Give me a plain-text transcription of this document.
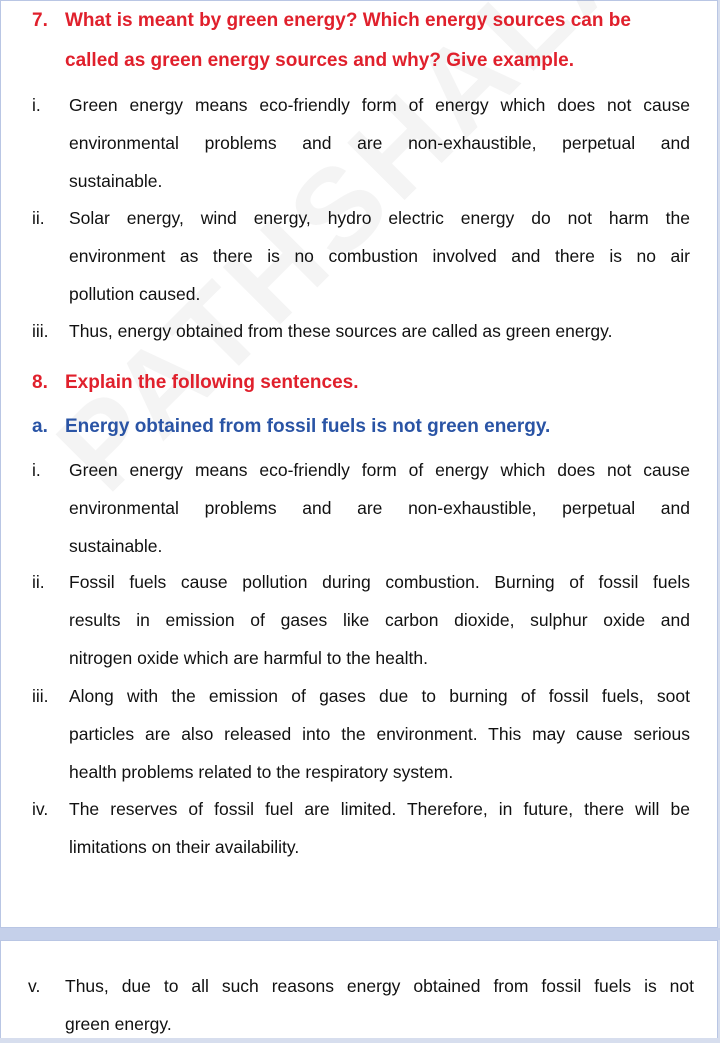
7. What is meant by green energy? Which energy sources can be
called as green energy sources and why? Give example.
i. Green energy means eco-friendly form of energy which does not cause
environmental problems and are non-exhaustible, perpetual and
sustainable.
ii. Solar energy, wind energy, hydro electric energy do not harm the
environment as there is no combustion involved and there is no air
pollution caused.
iii. Thus, energy obtained from these sources are called as green energy.
8. Explain the following sentences.
a. Energy obtained from fossil fuels is not green energy.
i. Green energy means eco-friendly form of energy which does not cause
environmental problems and are non-exhaustible, perpetual and
sustainable.
ii. Fossil fuels cause pollution during combustion. Burning of fossil fuels
results in emission of gases like carbon dioxide, sulphur oxide and
nitrogen oxide which are harmful to the health.
iii. Along with the emission of gases due to burning of fossil fuels, soot
particles are also released into the environment. This may cause serious
health problems related to the respiratory system.
iv. The reserves of fossil fuel are limited. Therefore, in future, there will be
limitations on their availability.
v. Thus, due to all such reasons energy obtained from fossil fuels is not
green energy.
